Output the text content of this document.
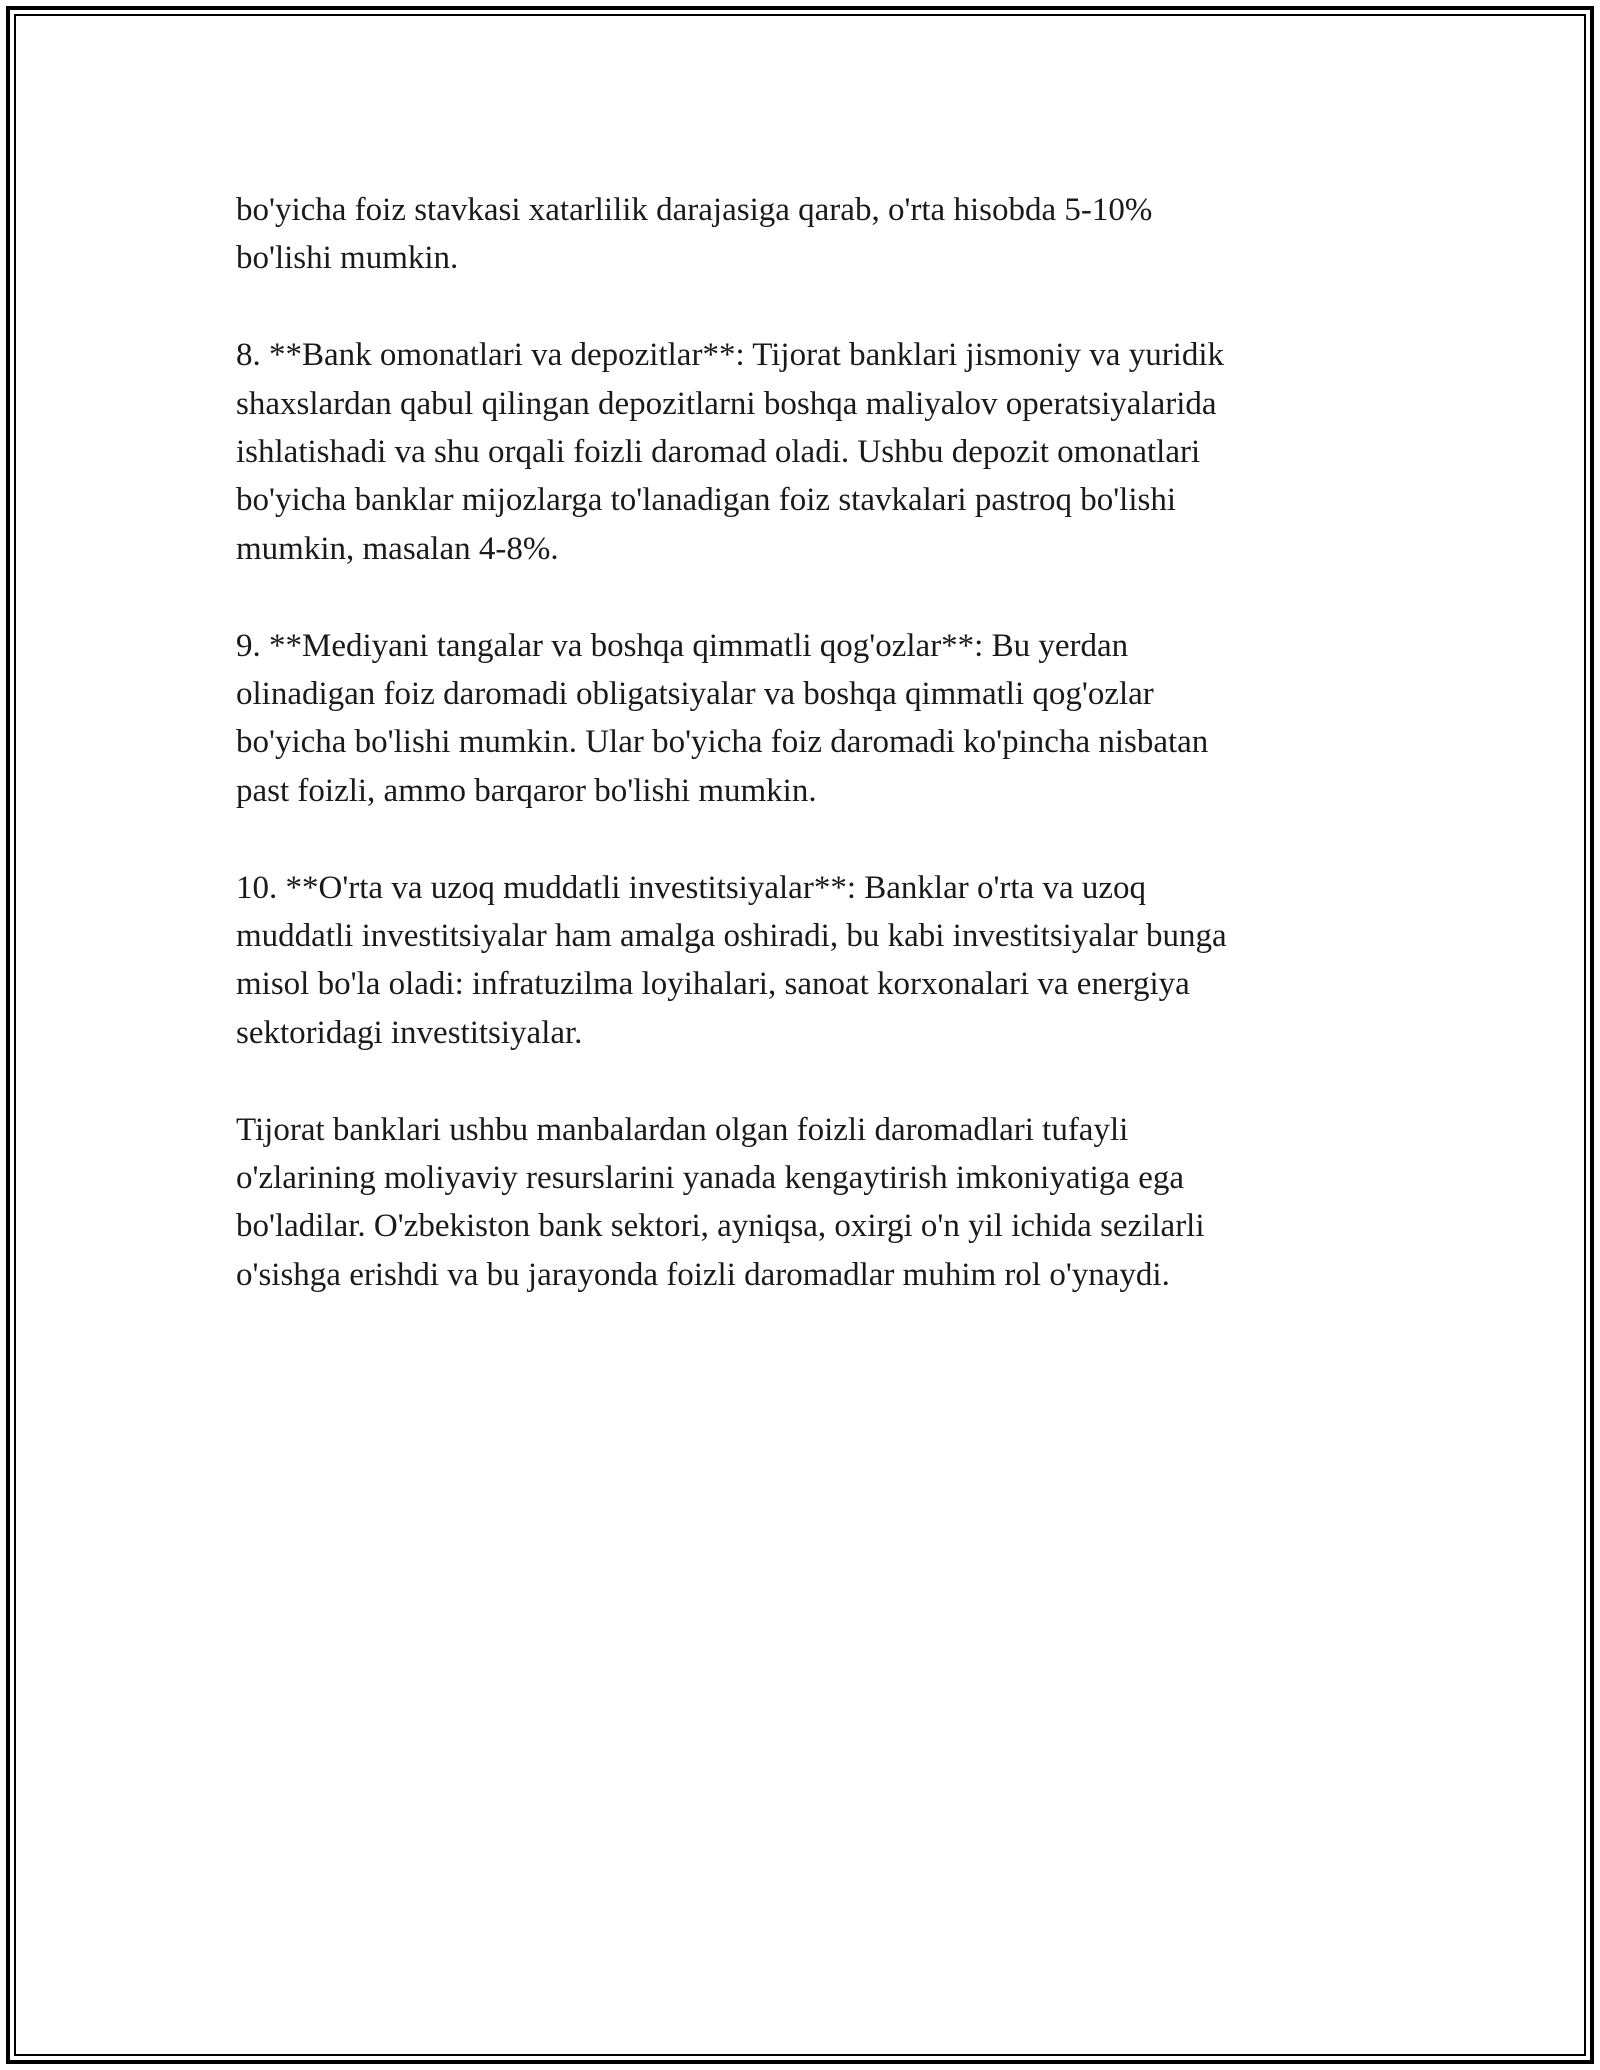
bo'yicha foiz stavkasi xatarlilik darajasiga qarab, o'rta hisobda 5-10%
bo'lishi mumkin.

8. **Bank omonatlari va depozitlar**: Tijorat banklari jismoniy va yuridik
shaxslardan qabul qilingan depozitlarni boshqa maliyalov operatsiyalarida
ishlatishadi va shu orqali foizli daromad oladi. Ushbu depozit omonatlari
bo'yicha banklar mijozlarga to'lanadigan foiz stavkalari pastroq bo'lishi
mumkin, masalan 4-8%.

9. **Mediyani tangalar va boshqa qimmatli qog'ozlar**: Bu yerdan
olinadigan foiz daromadi obligatsiyalar va boshqa qimmatli qog'ozlar
bo'yicha bo'lishi mumkin. Ular bo'yicha foiz daromadi ko'pincha nisbatan
past foizli, ammo barqaror bo'lishi mumkin.

10. **O'rta va uzoq muddatli investitsiyalar**: Banklar o'rta va uzoq
muddatli investitsiyalar ham amalga oshiradi, bu kabi investitsiyalar bunga
misol bo'la oladi: infratuzilma loyihalari, sanoat korxonalari va energiya
sektoridagi investitsiyalar.

Tijorat banklari ushbu manbalardan olgan foizli daromadlari tufayli
o'zlarining moliyaviy resurslarini yanada kengaytirish imkoniyatiga ega
bo'ladilar. O'zbekiston bank sektori, ayniqsa, oxirgi o'n yil ichida sezilarli
o'sishga erishdi va bu jarayonda foizli daromadlar muhim rol o'ynaydi.
